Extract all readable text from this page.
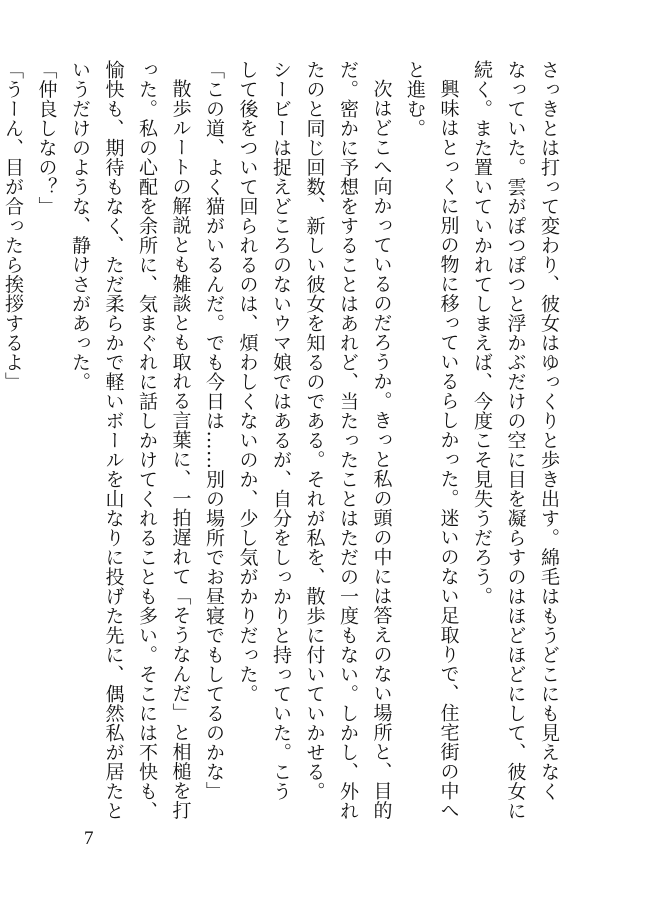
さっきとは打って変わり、彼女はゆっくりと歩き出す。綿毛はもうどこにも見えなく

なっていた。雲がぽつぽつと浮かぶだけの空に目を凝らすのはほどほどにして、彼女に

続く。また置いていかれてしまえば、今度こそ見失うだろう。

興味はとっくに別の物に移っているらしかった。迷いのない足取りで、住宅街の中へ

と進む。

次はどこへ向かっているのだろうか。きっと私の頭の中には答えのない場所と、目的

だ。密かに予想をすることはあれど、当たったことはただの一度もない。しかし、外れ

たのと同じ回数、新しい彼女を知るのである。それが私を、散歩に付いていかせる。

シービーは捉えどころのないウマ娘ではあるが、自分をしっかりと持っていた。こう

して後をついて回られるのは、煩わしくないのか、少し気がかりだった。

「この道、よく猫がいるんだ。でも今日は……別の場所でお昼寝でもしてるのかな」

散歩ルートの解説とも雑談とも取れる言葉に、一拍遅れて「そうなんだ」と相槌を打

った。私の心配を余所に、気まぐれに話しかけてくれることも多い。そこには不快も、

愉快も、期待もなく、ただ柔らかで軽いボールを山なりに投げた先に、偶然私が居たと

いうだけのような、静けさがあった。

「仲良しなの？」

「うーん、目が合ったら挨拶するよ」

7
